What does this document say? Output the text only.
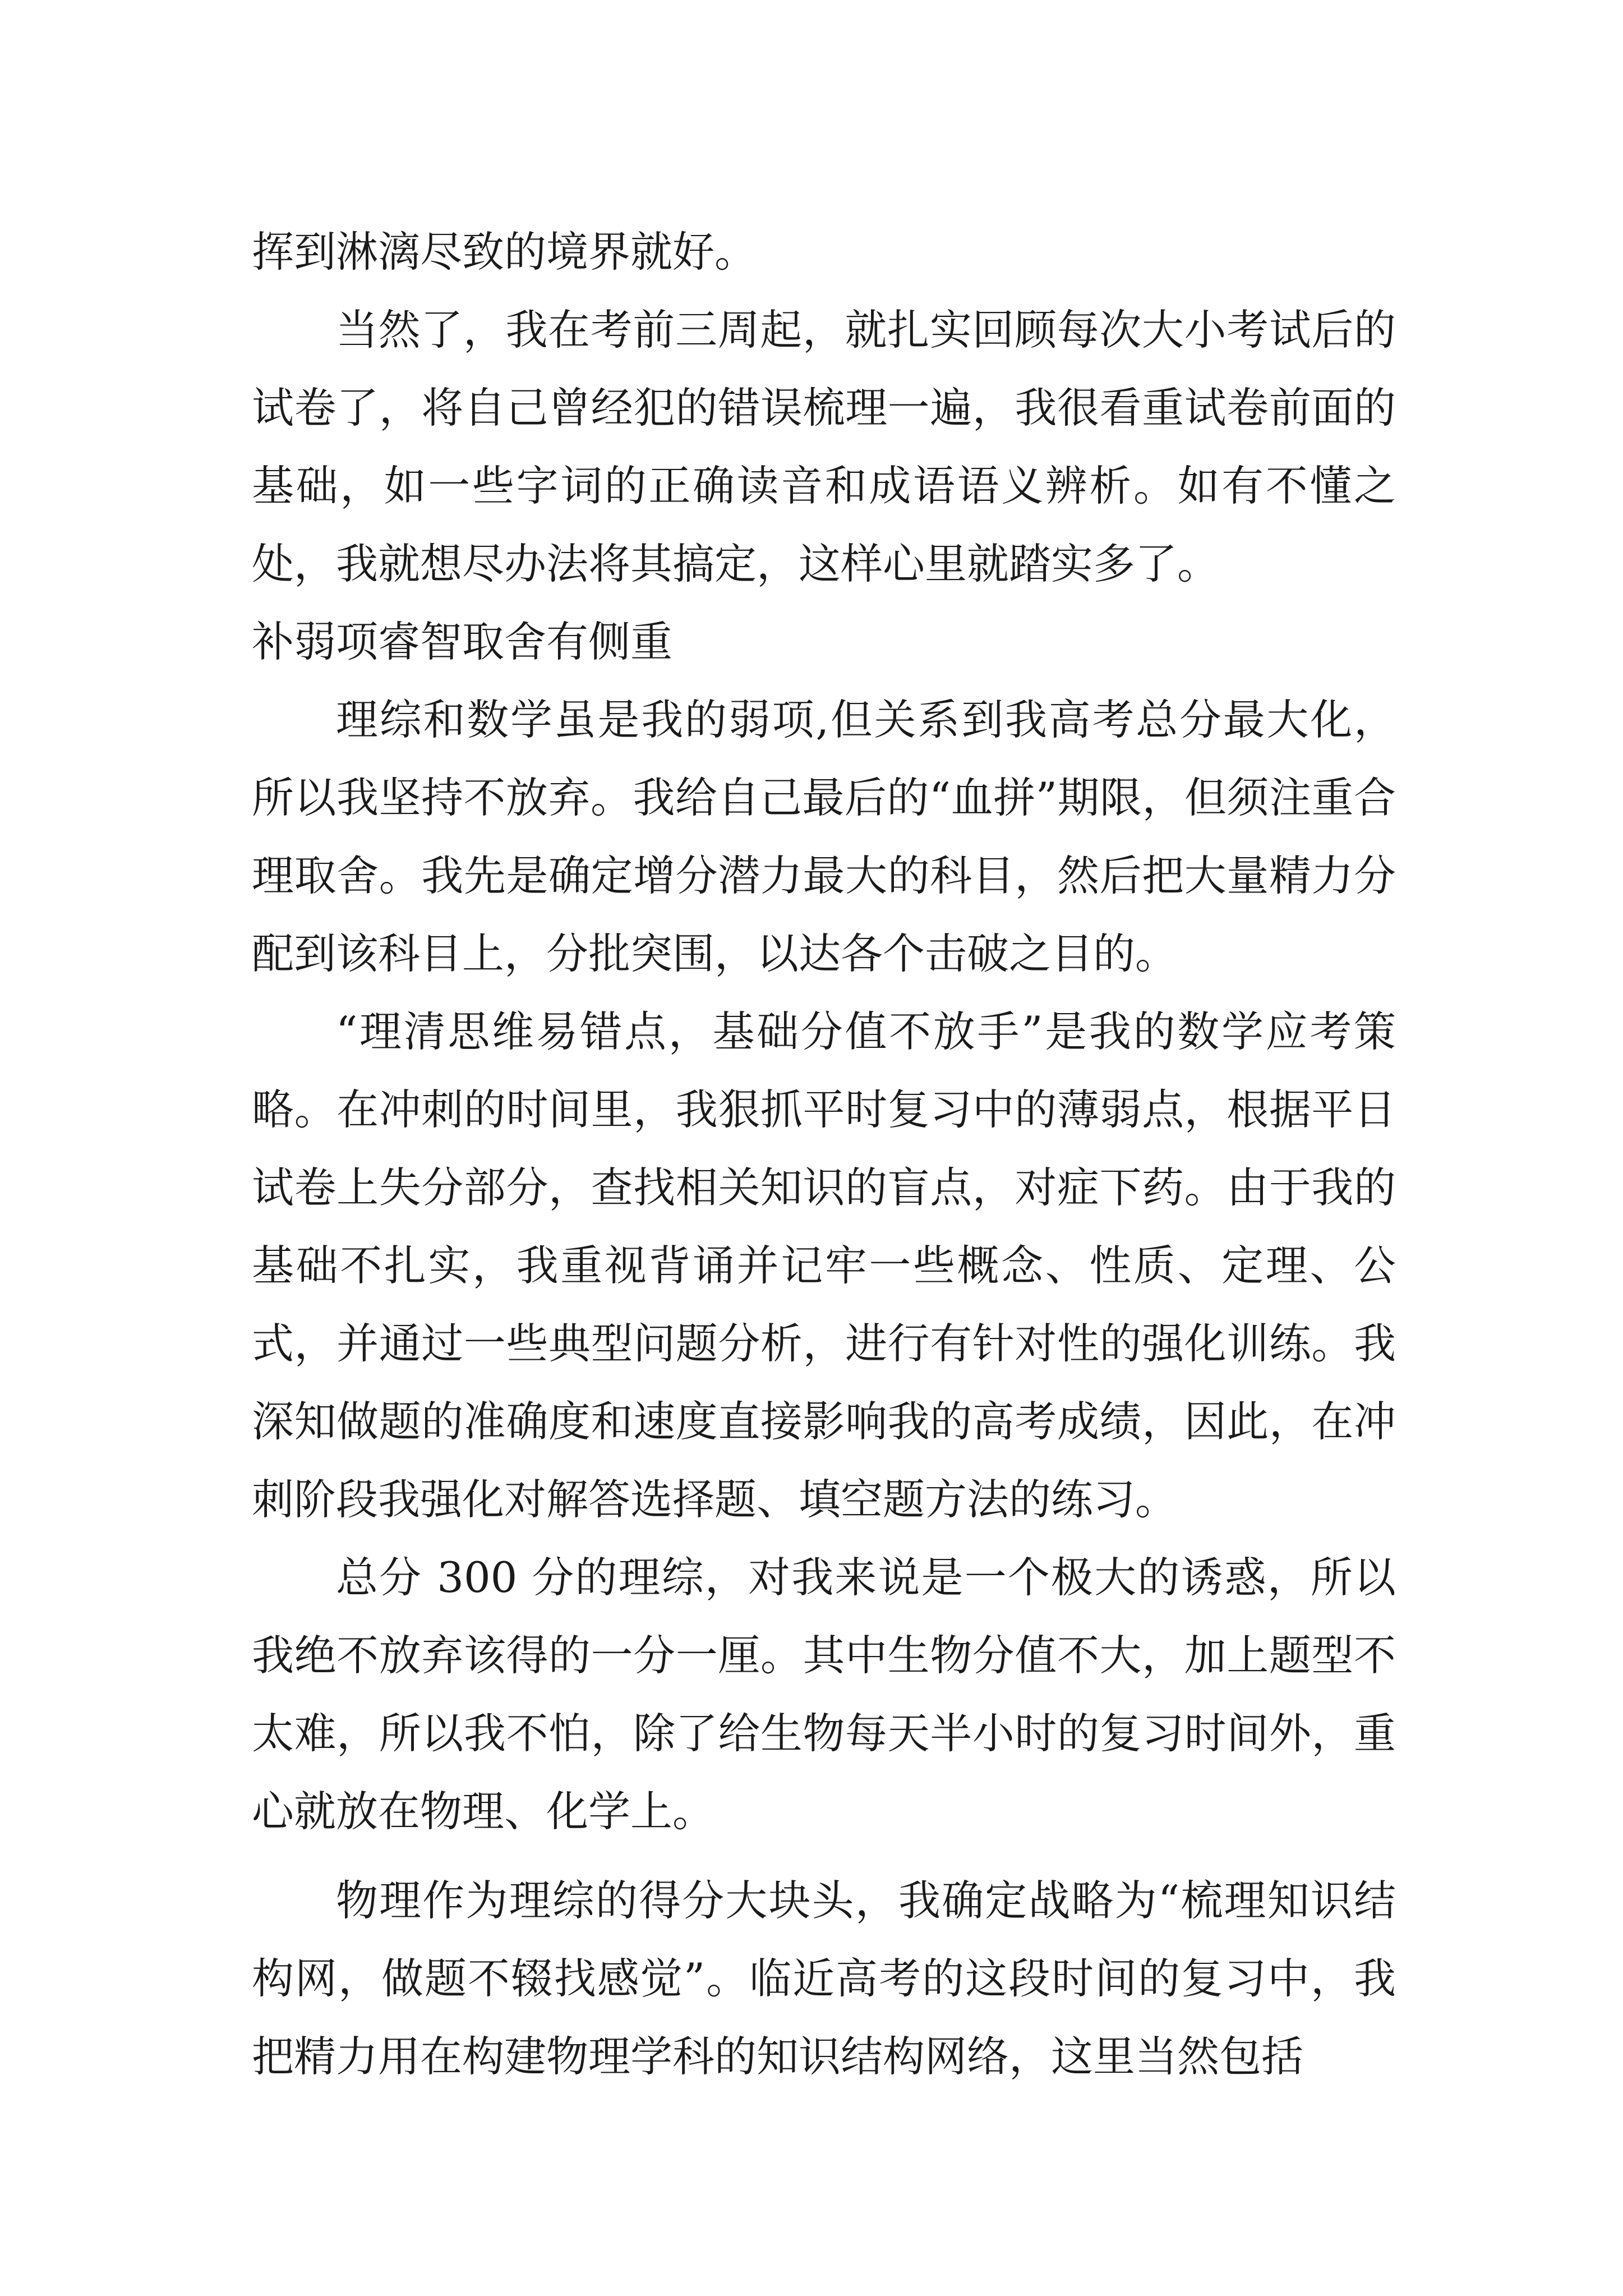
挥到淋漓尽致的境界就好。

当然了，我在考前三周起，就扎实回顾每次大小考试后的试卷了，将自己曾经犯的错误梳理一遍，我很看重试卷前面的基础，如一些字词的正确读音和成语语义辨析。如有不懂之处，我就想尽办法将其搞定，这样心里就踏实多了。

补弱项睿智取舍有侧重

理综和数学虽是我的弱项,但关系到我高考总分最大化，所以我坚持不放弃。我给自己最后的“血拼”期限，但须注重合理取舍。我先是确定增分潜力最大的科目，然后把大量精力分配到该科目上，分批突围，以达各个击破之目的。

“理清思维易错点，基础分值不放手”是我的数学应考策略。在冲刺的时间里，我狠抓平时复习中的薄弱点，根据平日试卷上失分部分，查找相关知识的盲点，对症下药。由于我的基础不扎实，我重视背诵并记牢一些概念、性质、定理、公式，并通过一些典型问题分析，进行有针对性的强化训练。我深知做题的准确度和速度直接影响我的高考成绩，因此，在冲刺阶段我强化对解答选择题、填空题方法的练习。

总分 300 分的理综，对我来说是一个极大的诱惑，所以我绝不放弃该得的一分一厘。其中生物分值不大，加上题型不太难，所以我不怕，除了给生物每天半小时的复习时间外，重心就放在物理、化学上。

物理作为理综的得分大块头，我确定战略为“梳理知识结构网，做题不辍找感觉”。临近高考的这段时间的复习中，我把精力用在构建物理学科的知识结构网络，这里当然包括
